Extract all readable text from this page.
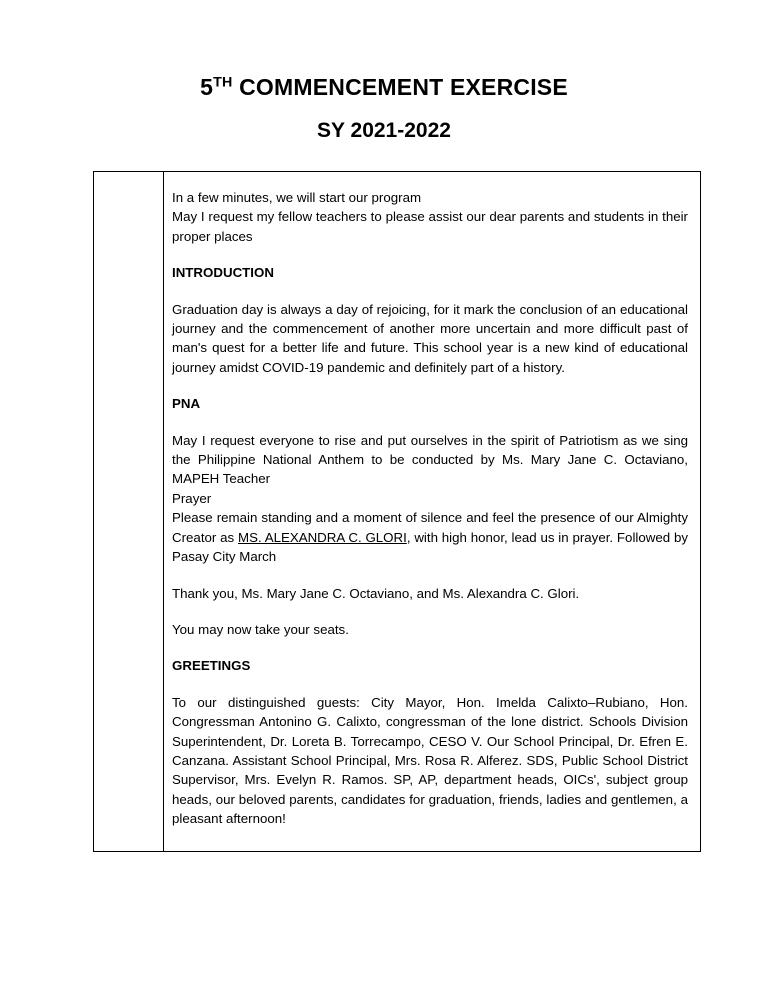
5TH COMMENCEMENT EXERCISE
SY 2021-2022

In a few minutes, we will start our program

May I request my fellow teachers to please assist our dear parents and students in their proper places

INTRODUCTION

Graduation day is always a day of rejoicing, for it mark the conclusion of an educational journey and the commencement of another more uncertain and more difficult past of man's quest for a better life and future. This school year is a new kind of educational journey amidst COVID-19 pandemic and definitely part of a history.

PNA

May I request everyone to rise and put ourselves in the spirit of Patriotism as we sing the Philippine National Anthem to be conducted by Ms. Mary Jane C. Octaviano, MAPEH Teacher

Prayer

Please remain standing and a moment of silence and feel the presence of our Almighty Creator as MS. ALEXANDRA C. GLORI, with high honor, lead us in prayer. Followed by Pasay City March

Thank you, Ms. Mary Jane C. Octaviano, and Ms. Alexandra C. Glori.

You may now take your seats.

GREETINGS

To our distinguished guests: City Mayor, Hon. Imelda Calixto–Rubiano, Hon. Congressman Antonino G. Calixto, congressman of the lone district. Schools Division Superintendent, Dr. Loreta B. Torrecampo, CESO V. Our School Principal, Dr. Efren E. Canzana. Assistant School Principal, Mrs. Rosa R. Alferez. SDS, Public School District Supervisor, Mrs. Evelyn R. Ramos. SP, AP, department heads, OICs', subject group heads, our beloved parents, candidates for graduation, friends, ladies and gentlemen, a pleasant afternoon!
